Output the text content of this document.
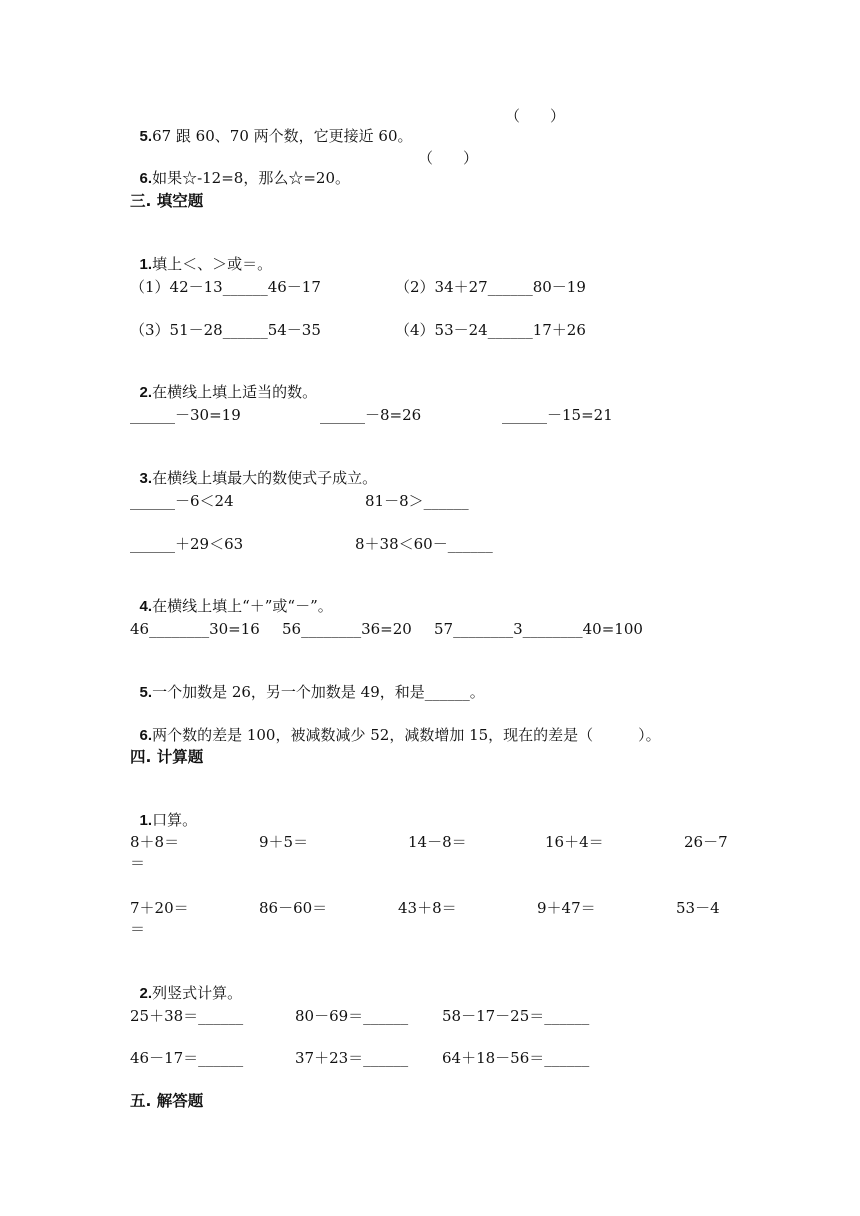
5.67 跟 60、70 两个数，它更接近 60。

（　　）

6.如果☆-12=8，那么☆=20。

（　　）
三. 填空题

1.填上＜、＞或＝。

（1）42－13______46－17	（2）34＋27______80－19
（3）51－28______54－35	（4）53－24______17＋26

2.在横线上填上适当的数。

______－30=19	______－8=26	______－15=21

3.在横线上填最大的数使式子成立。

______－6＜24	81－8＞______
______＋29＜63	8＋38＜60－______

4.在横线上填上“＋”或“－”。

46________30=16 56________36=20 57________3________40=100

5.一个加数是 26，另一个加数是 49，和是______。

6.两个数的差是 100，被减数减少 52，减数增加 15，现在的差是（　　　）。

四. 计算题

1.口算。

8＋8＝	9＋5＝	14－8＝	16＋4＝	26－7
＝
7＋20＝	86－60＝	43＋8＝	9＋47＝	53－4
＝

2.列竖式计算。

25＋38＝______	80－69＝______ 58－17－25＝______
46－17＝______	37＋23＝______ 64＋18－56＝______
五. 解答题
